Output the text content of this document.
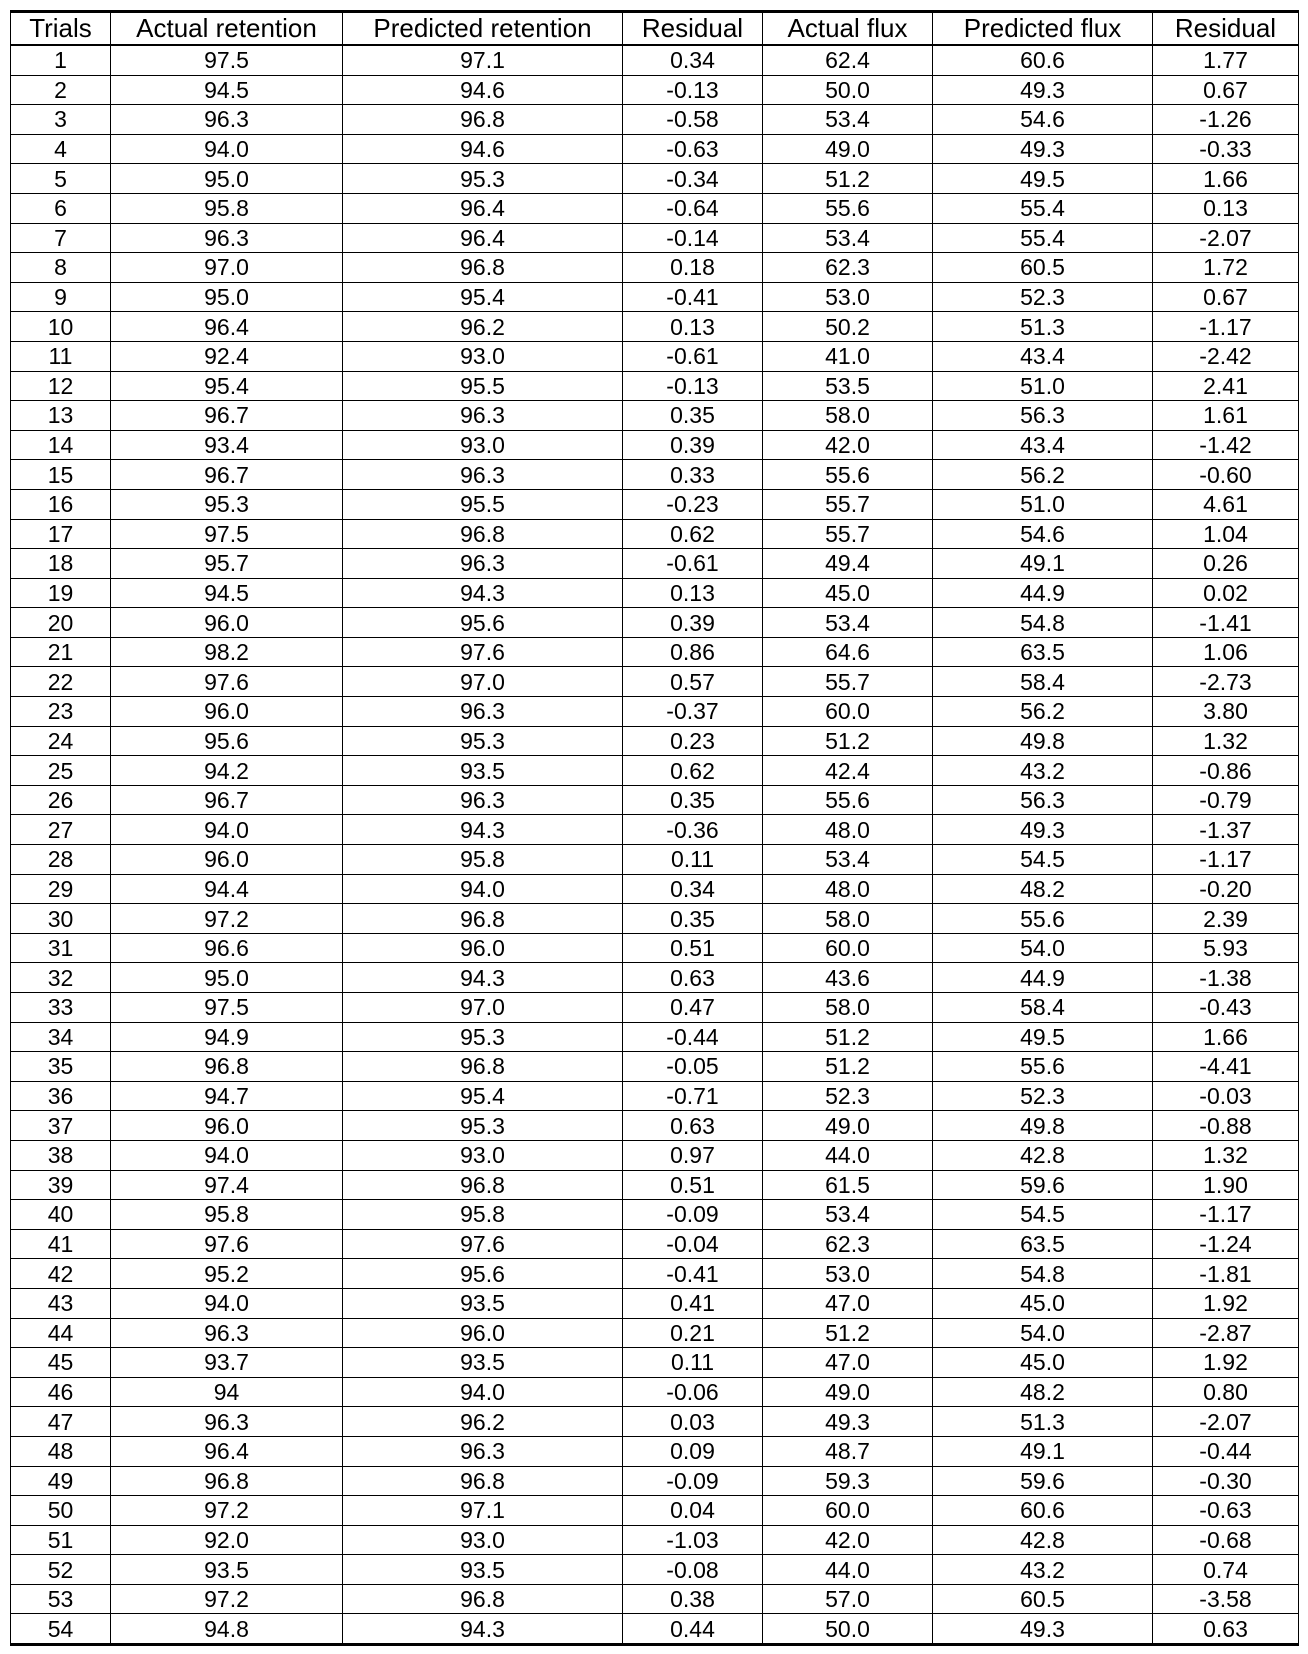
Trials	Actual retention	Predicted retention	Residual	Actual flux	Predicted flux	Residual
1	97.5	97.1	0.34	62.4	60.6	1.77
2	94.5	94.6	-0.13	50.0	49.3	0.67
3	96.3	96.8	-0.58	53.4	54.6	-1.26
4	94.0	94.6	-0.63	49.0	49.3	-0.33
5	95.0	95.3	-0.34	51.2	49.5	1.66
6	95.8	96.4	-0.64	55.6	55.4	0.13
7	96.3	96.4	-0.14	53.4	55.4	-2.07
8	97.0	96.8	0.18	62.3	60.5	1.72
9	95.0	95.4	-0.41	53.0	52.3	0.67
10	96.4	96.2	0.13	50.2	51.3	-1.17
11	92.4	93.0	-0.61	41.0	43.4	-2.42
12	95.4	95.5	-0.13	53.5	51.0	2.41
13	96.7	96.3	0.35	58.0	56.3	1.61
14	93.4	93.0	0.39	42.0	43.4	-1.42
15	96.7	96.3	0.33	55.6	56.2	-0.60
16	95.3	95.5	-0.23	55.7	51.0	4.61
17	97.5	96.8	0.62	55.7	54.6	1.04
18	95.7	96.3	-0.61	49.4	49.1	0.26
19	94.5	94.3	0.13	45.0	44.9	0.02
20	96.0	95.6	0.39	53.4	54.8	-1.41
21	98.2	97.6	0.86	64.6	63.5	1.06
22	97.6	97.0	0.57	55.7	58.4	-2.73
23	96.0	96.3	-0.37	60.0	56.2	3.80
24	95.6	95.3	0.23	51.2	49.8	1.32
25	94.2	93.5	0.62	42.4	43.2	-0.86
26	96.7	96.3	0.35	55.6	56.3	-0.79
27	94.0	94.3	-0.36	48.0	49.3	-1.37
28	96.0	95.8	0.11	53.4	54.5	-1.17
29	94.4	94.0	0.34	48.0	48.2	-0.20
30	97.2	96.8	0.35	58.0	55.6	2.39
31	96.6	96.0	0.51	60.0	54.0	5.93
32	95.0	94.3	0.63	43.6	44.9	-1.38
33	97.5	97.0	0.47	58.0	58.4	-0.43
34	94.9	95.3	-0.44	51.2	49.5	1.66
35	96.8	96.8	-0.05	51.2	55.6	-4.41
36	94.7	95.4	-0.71	52.3	52.3	-0.03
37	96.0	95.3	0.63	49.0	49.8	-0.88
38	94.0	93.0	0.97	44.0	42.8	1.32
39	97.4	96.8	0.51	61.5	59.6	1.90
40	95.8	95.8	-0.09	53.4	54.5	-1.17
41	97.6	97.6	-0.04	62.3	63.5	-1.24
42	95.2	95.6	-0.41	53.0	54.8	-1.81
43	94.0	93.5	0.41	47.0	45.0	1.92
44	96.3	96.0	0.21	51.2	54.0	-2.87
45	93.7	93.5	0.11	47.0	45.0	1.92
46	94	94.0	-0.06	49.0	48.2	0.80
47	96.3	96.2	0.03	49.3	51.3	-2.07
48	96.4	96.3	0.09	48.7	49.1	-0.44
49	96.8	96.8	-0.09	59.3	59.6	-0.30
50	97.2	97.1	0.04	60.0	60.6	-0.63
51	92.0	93.0	-1.03	42.0	42.8	-0.68
52	93.5	93.5	-0.08	44.0	43.2	0.74
53	97.2	96.8	0.38	57.0	60.5	-3.58
54	94.8	94.3	0.44	50.0	49.3	0.63
